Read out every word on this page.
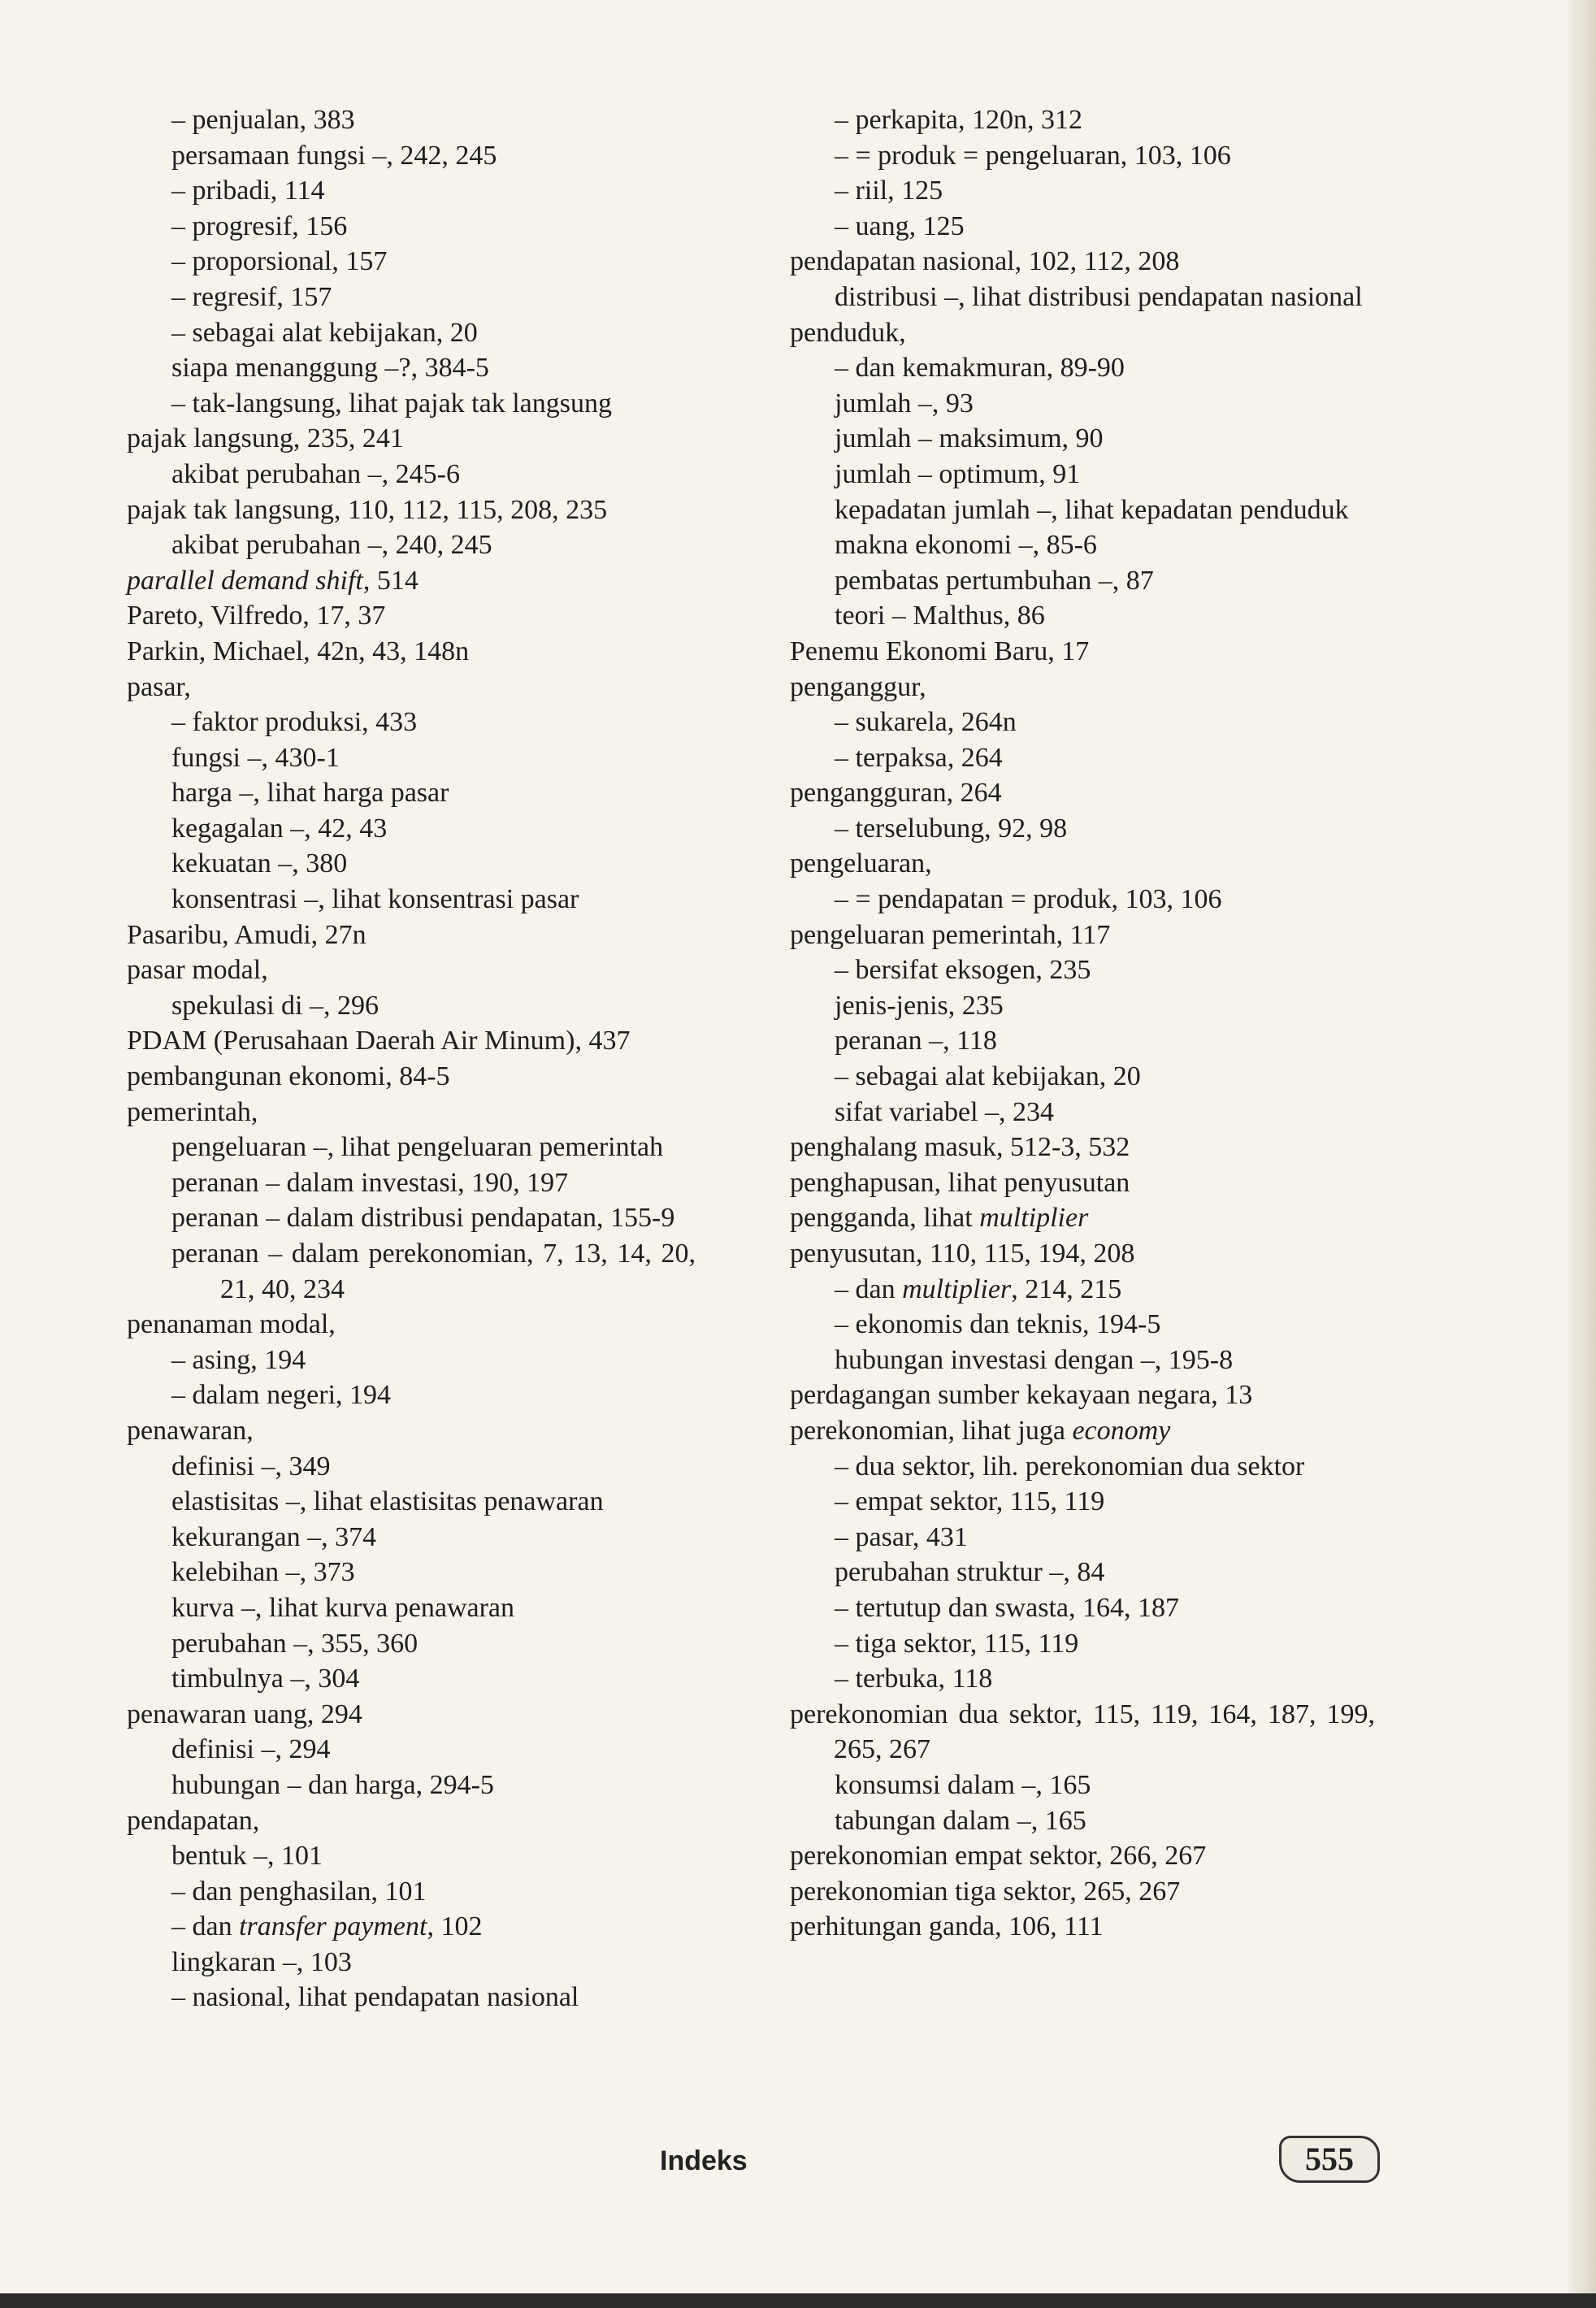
– penjualan, 383
persamaan fungsi –, 242, 245
– pribadi, 114
– progresif, 156
– proporsional, 157
– regresif, 157
– sebagai alat kebijakan, 20
siapa menanggung –?, 384-5
– tak-langsung, lihat pajak tak langsung
pajak langsung, 235, 241
akibat perubahan –, 245-6
pajak tak langsung, 110, 112, 115, 208, 235
akibat perubahan –, 240, 245
parallel demand shift, 514
Pareto, Vilfredo, 17, 37
Parkin, Michael, 42n, 43, 148n
pasar,
– faktor produksi, 433
fungsi –, 430-1
harga –, lihat harga pasar
kegagalan –, 42, 43
kekuatan –, 380
konsentrasi –, lihat konsentrasi pasar
Pasaribu, Amudi, 27n
pasar modal,
spekulasi di –, 296
PDAM (Perusahaan Daerah Air Minum), 437
pembangunan ekonomi, 84-5
pemerintah,
pengeluaran –, lihat pengeluaran pemerintah
peranan – dalam investasi, 190, 197
peranan – dalam distribusi pendapatan, 155-9
peranan – dalam perekonomian, 7, 13, 14, 20, 21, 40, 234
penanaman modal,
– asing, 194
– dalam negeri, 194
penawaran,
definisi –, 349
elastisitas –, lihat elastisitas penawaran
kekurangan –, 374
kelebihan –, 373
kurva –, lihat kurva penawaran
perubahan –, 355, 360
timbulnya –, 304
penawaran uang, 294
definisi –, 294
hubungan – dan harga, 294-5
pendapatan,
bentuk –, 101
– dan penghasilan, 101
– dan transfer payment, 102
lingkaran –, 103
– nasional, lihat pendapatan nasional
– perkapita, 120n, 312
– = produk = pengeluaran, 103, 106
– riil, 125
– uang, 125
pendapatan nasional, 102, 112, 208
distribusi –, lihat distribusi pendapatan nasional
penduduk,
– dan kemakmuran, 89-90
jumlah –, 93
jumlah – maksimum, 90
jumlah – optimum, 91
kepadatan jumlah –, lihat kepadatan penduduk
makna ekonomi –, 85-6
pembatas pertumbuhan –, 87
teori – Malthus, 86
Penemu Ekonomi Baru, 17
penganggur,
– sukarela, 264n
– terpaksa, 264
pengangguran, 264
– terselubung, 92, 98
pengeluaran,
– = pendapatan = produk, 103, 106
pengeluaran pemerintah, 117
– bersifat eksogen, 235
jenis-jenis, 235
peranan –, 118
– sebagai alat kebijakan, 20
sifat variabel –, 234
penghalang masuk, 512-3, 532
penghapusan, lihat penyusutan
pengganda, lihat multiplier
penyusutan, 110, 115, 194, 208
– dan multiplier, 214, 215
– ekonomis dan teknis, 194-5
hubungan investasi dengan –, 195-8
perdagangan sumber kekayaan negara, 13
perekonomian, lihat juga economy
– dua sektor, lih. perekonomian dua sektor
– empat sektor, 115, 119
– pasar, 431
perubahan struktur –, 84
– tertutup dan swasta, 164, 187
– tiga sektor, 115, 119
– terbuka, 118
perekonomian dua sektor, 115, 119, 164, 187, 199, 265, 267
konsumsi dalam –, 165
tabungan dalam –, 165
perekonomian empat sektor, 266, 267
perekonomian tiga sektor, 265, 267
perhitungan ganda, 106, 111
Indeks	555
